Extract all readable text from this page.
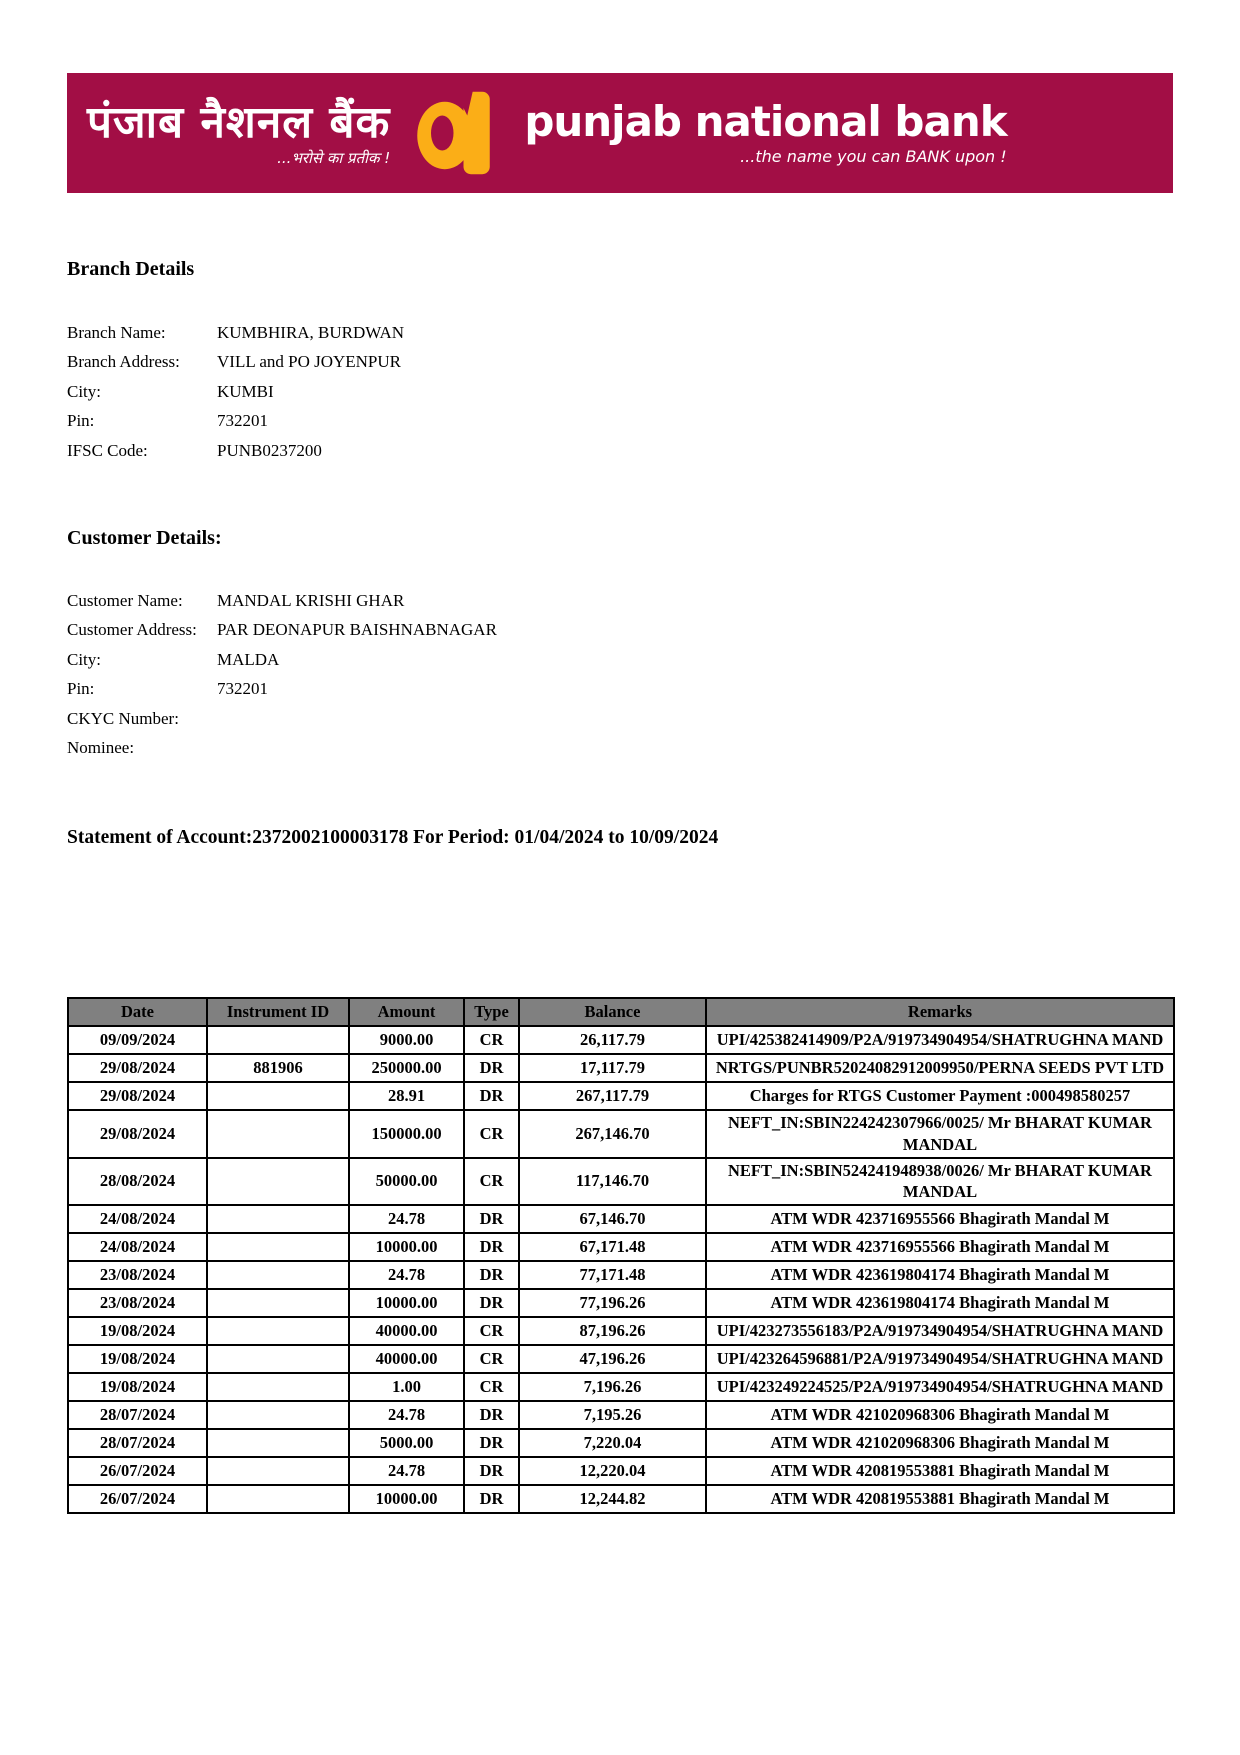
पंजाब नैशनल बैंक
...भरोसे का प्रतीक !
punjab national bank
...the name you can BANK upon !
Branch Details
Branch Name:	KUMBHIRA, BURDWAN
Branch Address:	VILL and PO JOYENPUR
City:	KUMBI
Pin:	732201
IFSC Code:	PUNB0237200
Customer Details:
Customer Name:	MANDAL KRISHI GHAR
Customer Address:	PAR DEONAPUR BAISHNABNAGAR
City:	MALDA
Pin:	732201
CKYC Number:
Nominee:
Statement of Account:2372002100003178 For Period: 01/04/2024 to 10/09/2024
Date	Instrument ID	Amount	Type	Balance	Remarks
09/09/2024		9000.00	CR	26,117.79	UPI/425382414909/P2A/919734904954/SHATRUGHNA MAND
29/08/2024	881906	250000.00	DR	17,117.79	NRTGS/PUNBR52024082912009950/PERNA SEEDS PVT LTD
29/08/2024		28.91	DR	267,117.79	Charges for RTGS Customer Payment :000498580257
29/08/2024		150000.00	CR	267,146.70	NEFT_IN:SBIN224242307966/0025/ Mr BHARAT KUMAR MANDAL
28/08/2024		50000.00	CR	117,146.70	NEFT_IN:SBIN524241948938/0026/ Mr BHARAT KUMAR MANDAL
24/08/2024		24.78	DR	67,146.70	ATM WDR 423716955566 Bhagirath Mandal M
24/08/2024		10000.00	DR	67,171.48	ATM WDR 423716955566 Bhagirath Mandal M
23/08/2024		24.78	DR	77,171.48	ATM WDR 423619804174 Bhagirath Mandal M
23/08/2024		10000.00	DR	77,196.26	ATM WDR 423619804174 Bhagirath Mandal M
19/08/2024		40000.00	CR	87,196.26	UPI/423273556183/P2A/919734904954/SHATRUGHNA MAND
19/08/2024		40000.00	CR	47,196.26	UPI/423264596881/P2A/919734904954/SHATRUGHNA MAND
19/08/2024		1.00	CR	7,196.26	UPI/423249224525/P2A/919734904954/SHATRUGHNA MAND
28/07/2024		24.78	DR	7,195.26	ATM WDR 421020968306 Bhagirath Mandal M
28/07/2024		5000.00	DR	7,220.04	ATM WDR 421020968306 Bhagirath Mandal M
26/07/2024		24.78	DR	12,220.04	ATM WDR 420819553881 Bhagirath Mandal M
26/07/2024		10000.00	DR	12,244.82	ATM WDR 420819553881 Bhagirath Mandal M
